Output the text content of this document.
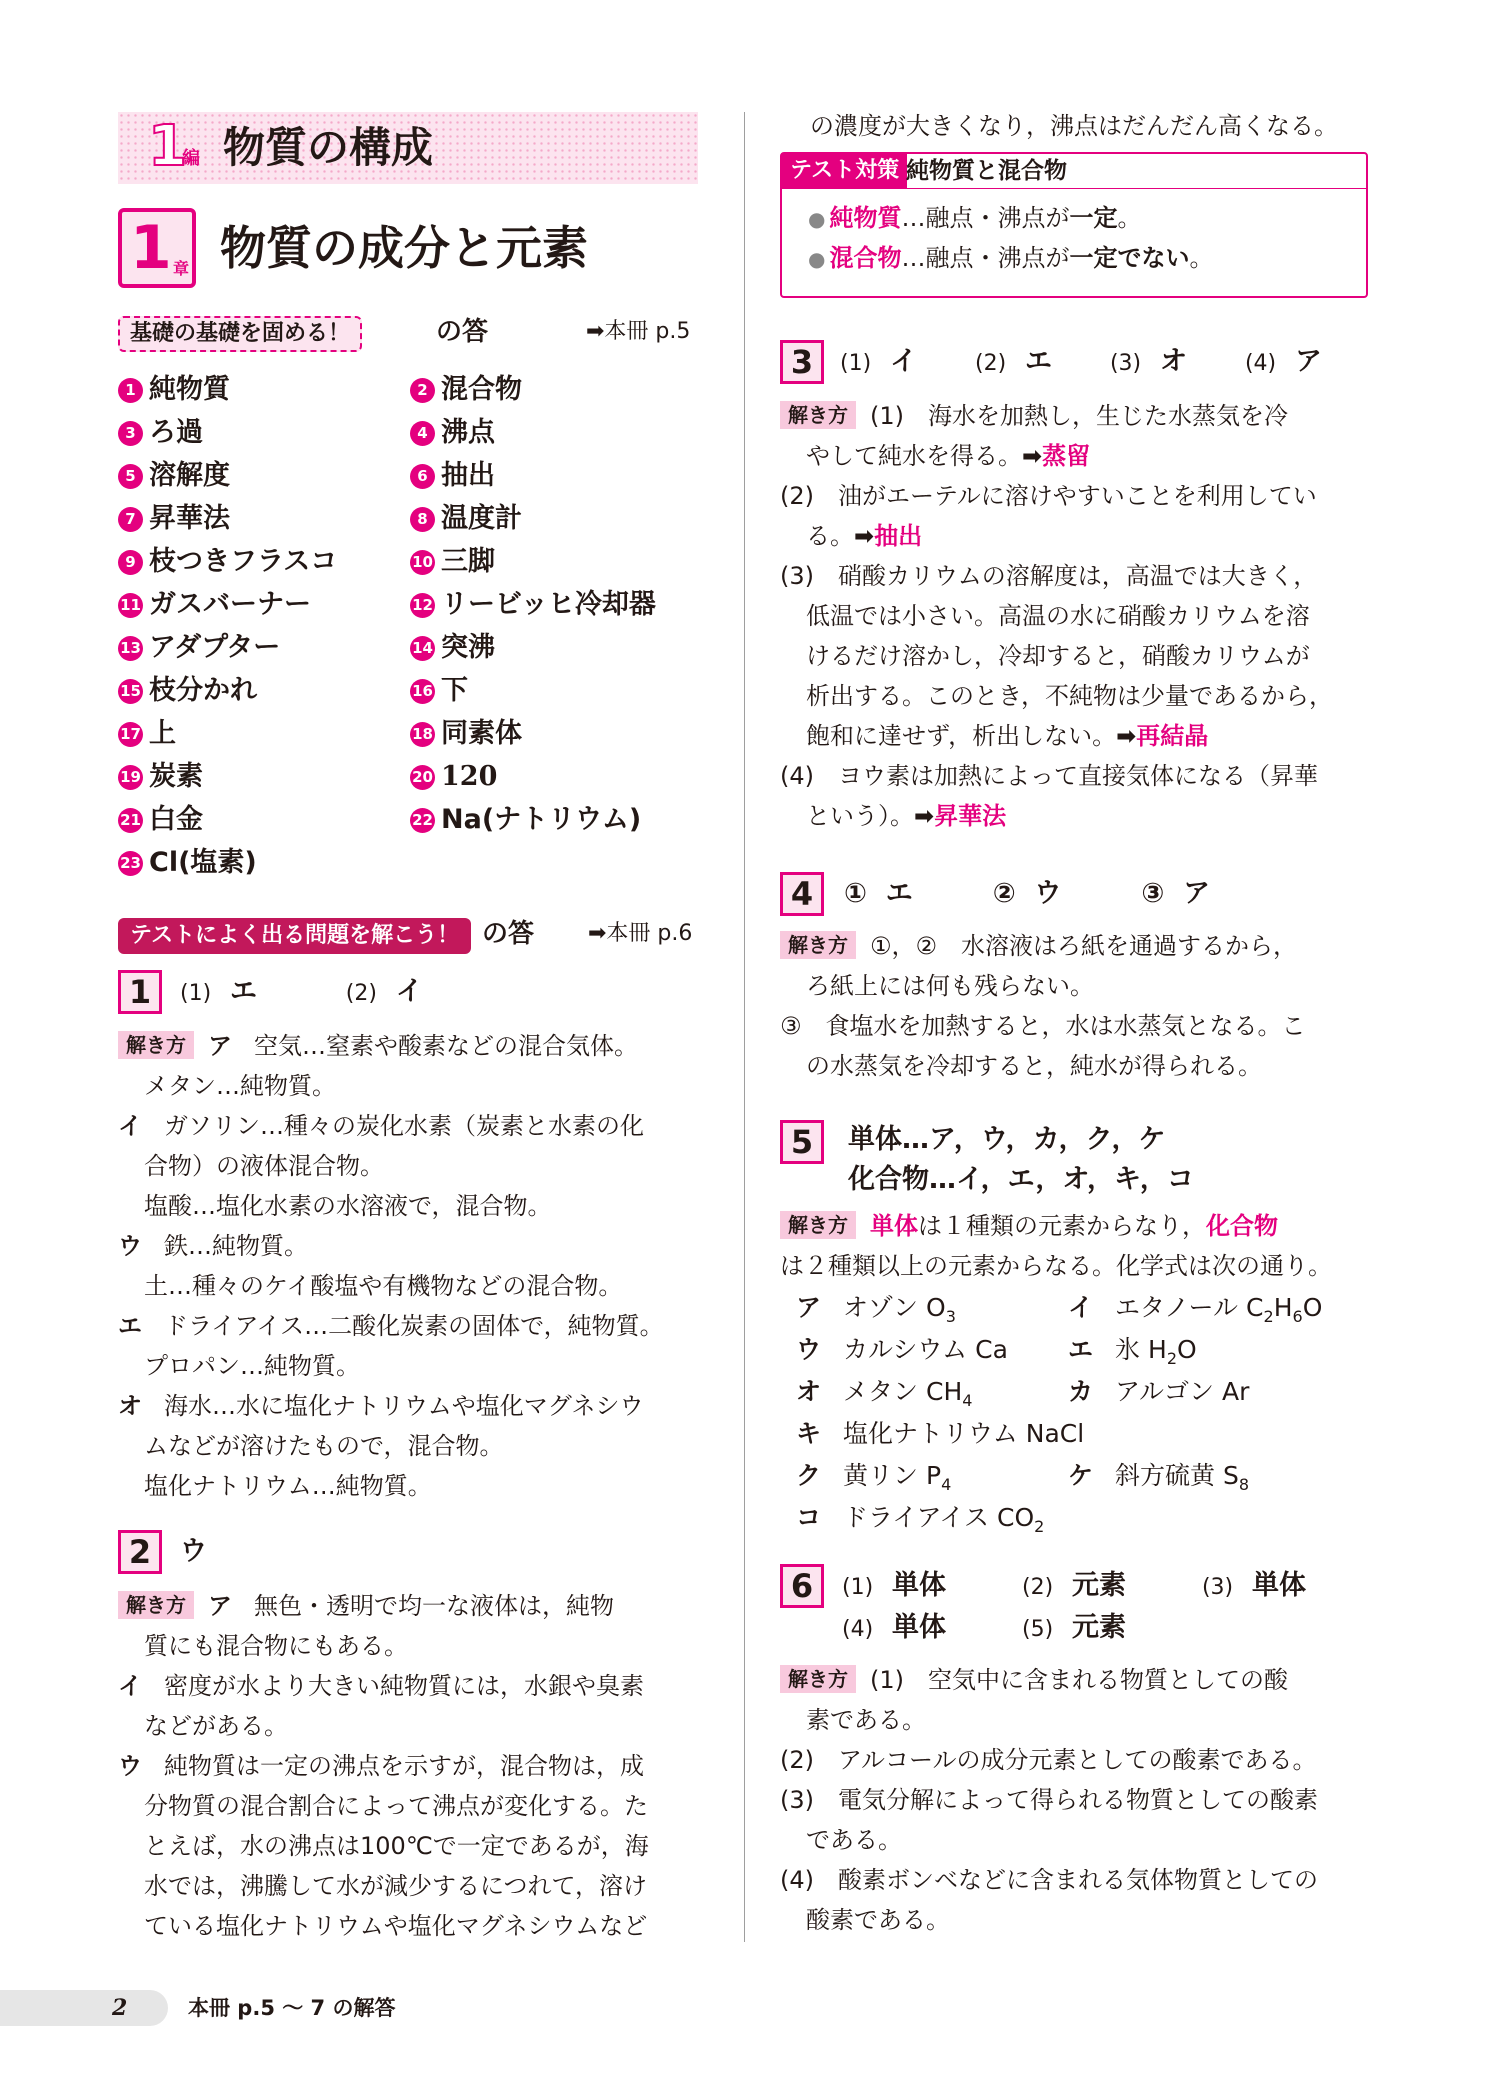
1
編 物質の構成
1 章 物質の成分と元素
基礎の基礎を固める！	の答	➡本冊 p.5
1 純物質	2 混合物
3 ろ過	4 沸点
5 溶解度	6 抽出
7 昇華法	8 温度計
9 枝つきフラスコ	10 三脚
11 ガスバーナー	12 リービッヒ冷却器
13 アダプター	14 突沸
15 枝分かれ	16 下
17 上	18 同素体
19 炭素	20 120
21 白金	22 Na(ナトリウム)
23 Cl(塩素)
テストによく出る問題を解こう！ の答 ➡本冊 p.6
1	(1) エ	(2) イ
解き方 ア 空気…窒素や酸素などの混合気体。
メタン…純物質。
イ ガソリン…種々の炭化水素（炭素と水素の化
合物）の液体混合物。
塩酸…塩化水素の水溶液で，混合物。
ウ 鉄…純物質。
土…種々のケイ酸塩や有機物などの混合物。
エ ドライアイス…二酸化炭素の固体で，純物質。
プロパン…純物質。
オ 海水…水に塩化ナトリウムや塩化マグネシウ
ムなどが溶けたもので，混合物。
塩化ナトリウム…純物質。
2	ウ
解き方 ア 無色・透明で均一な液体は，純物
質にも混合物にもある。
イ 密度が水より大きい純物質には，水銀や臭素
などがある。
ウ 純物質は一定の沸点を示すが，混合物は，成
分物質の混合割合によって沸点が変化する。た
とえば，水の沸点は100℃で一定であるが，海
水では，沸騰して水が減少するにつれて，溶け
ている塩化ナトリウムや塩化マグネシウムなど
2	本冊 p.5 〜 7 の解答
の濃度が大きくなり，沸点はだんだん高くなる。
テスト対策 純物質と混合物
● 純物質…融点・沸点が一定。
● 混合物…融点・沸点が一定でない。
3	(1) イ	(2) エ	(3) オ	(4) ア
解き方 (1)　海水を加熱し，生じた水蒸気を冷
やして純水を得る。➡蒸留
(2)　油がエーテルに溶けやすいことを利用してい
る。➡抽出
(3)　硝酸カリウムの溶解度は，高温では大きく，
低温では小さい。高温の水に硝酸カリウムを溶
けるだけ溶かし，冷却すると，硝酸カリウムが
析出する。このとき，不純物は少量であるから，
飽和に達せず，析出しない。➡再結晶
(4)　ヨウ素は加熱によって直接気体になる（昇華
という）。➡昇華法
4	① エ	② ウ	③ ア
解き方 ①，②　水溶液はろ紙を通過するから，
ろ紙上には何も残らない。
③　食塩水を加熱すると，水は水蒸気となる。こ
の水蒸気を冷却すると，純水が得られる。
5	単体…ア，ウ，カ，ク，ケ
化合物…イ，エ，オ，キ，コ
解き方 単体は１種類の元素からなり，化合物
は２種類以上の元素からなる。化学式は次の通り。
ア オゾン $O_3$	イ エタノール $C_2H_6O$
ウ カルシウム Ca エ 氷 $H_2O$
オ メタン $CH_4$	カ アルゴン Ar
キ 塩化ナトリウム NaCl
ク 黄リン $P_4$	ケ 斜方硫黄 $S_8$
コ ドライアイス $CO_2$
6	(1) 単体	(2) 元素	(3) 単体
(4) 単体	(5) 元素
解き方 (1)　空気中に含まれる物質としての酸
素である。
(2)　アルコールの成分元素としての酸素である。
(3)　電気分解によって得られる物質としての酸素
である。
(4)　酸素ボンベなどに含まれる気体物質としての
酸素である。
